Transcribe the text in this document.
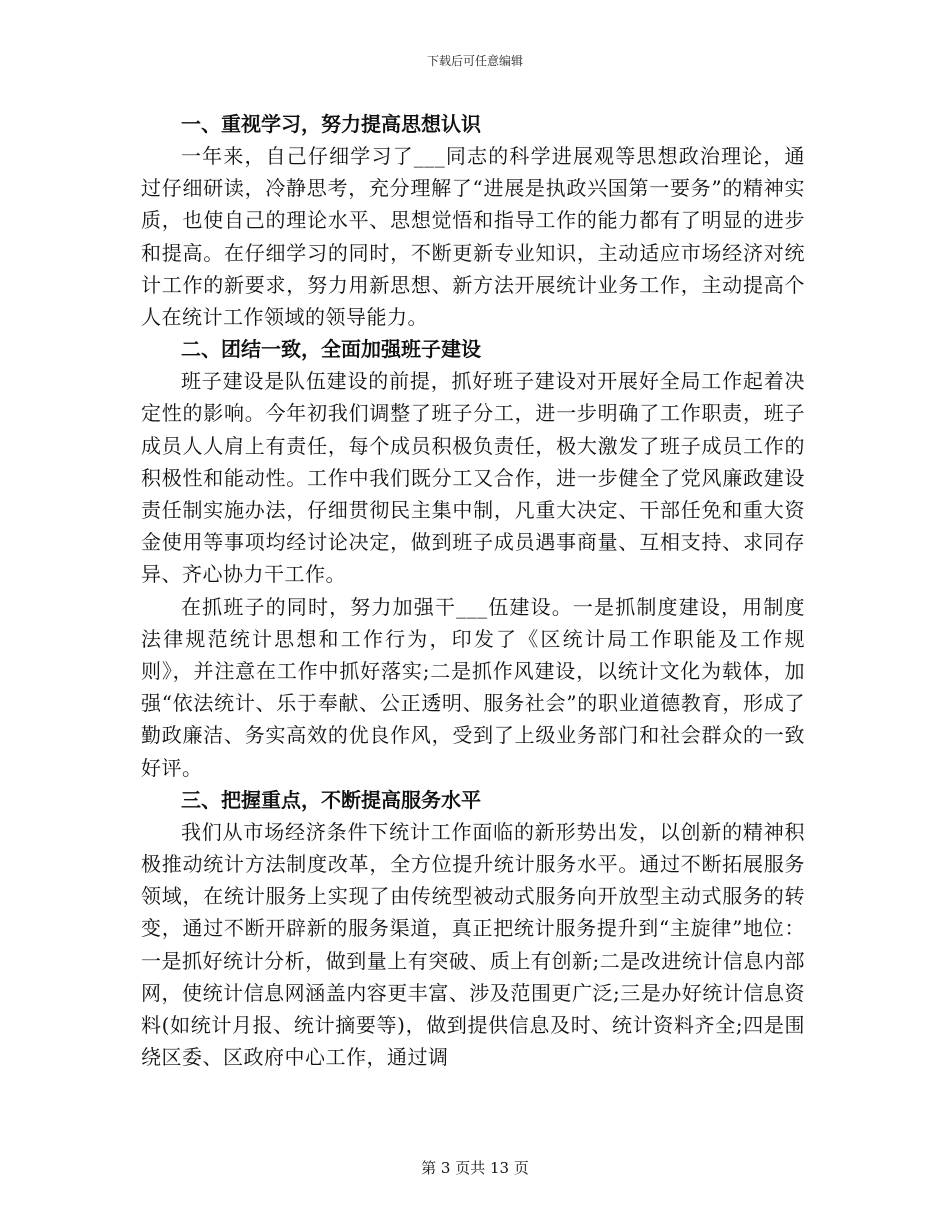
下载后可任意编辑
一、重视学习，努力提高思想认识

一年来，自己仔细学习了___同志的科学进展观等思想政治理论，通过仔细研读，冷静思考，充分理解了“进展是执政兴国第一要务”的精神实质，也使自己的理论水平、思想觉悟和指导工作的能力都有了明显的进步和提高。在仔细学习的同时，不断更新专业知识，主动适应市场经济对统计工作的新要求，努力用新思想、新方法开展统计业务工作，主动提高个人在统计工作领域的领导能力。

二、团结一致，全面加强班子建设

班子建设是队伍建设的前提，抓好班子建设对开展好全局工作起着决定性的影响。今年初我们调整了班子分工，进一步明确了工作职责，班子成员人人肩上有责任，每个成员积极负责任，极大激发了班子成员工作的积极性和能动性。工作中我们既分工又合作，进一步健全了党风廉政建设责任制实施办法，仔细贯彻民主集中制，凡重大决定、干部任免和重大资金使用等事项均经讨论决定，做到班子成员遇事商量、互相支持、求同存异、齐心协力干工作。

在抓班子的同时，努力加强干___伍建设。一是抓制度建设，用制度法律规范统计思想和工作行为，印发了《区统计局工作职能及工作规则》，并注意在工作中抓好落实;二是抓作风建设，以统计文化为载体，加强“依法统计、乐于奉献、公正透明、服务社会”的职业道德教育，形成了勤政廉洁、务实高效的优良作风，受到了上级业务部门和社会群众的一致好评。

三、把握重点，不断提高服务水平

我们从市场经济条件下统计工作面临的新形势出发，以创新的精神积极推动统计方法制度改革，全方位提升统计服务水平。通过不断拓展服务领域，在统计服务上实现了由传统型被动式服务向开放型主动式服务的转变，通过不断开辟新的服务渠道，真正把统计服务提升到“主旋律”地位：一是抓好统计分析，做到量上有突破、质上有创新;二是改进统计信息内部网，使统计信息网涵盖内容更丰富、涉及范围更广泛;三是办好统计信息资料(如统计月报、统计摘要等)，做到提供信息及时、统计资料齐全;四是围绕区委、区政府中心工作，通过调

第 3 页共 13 页
